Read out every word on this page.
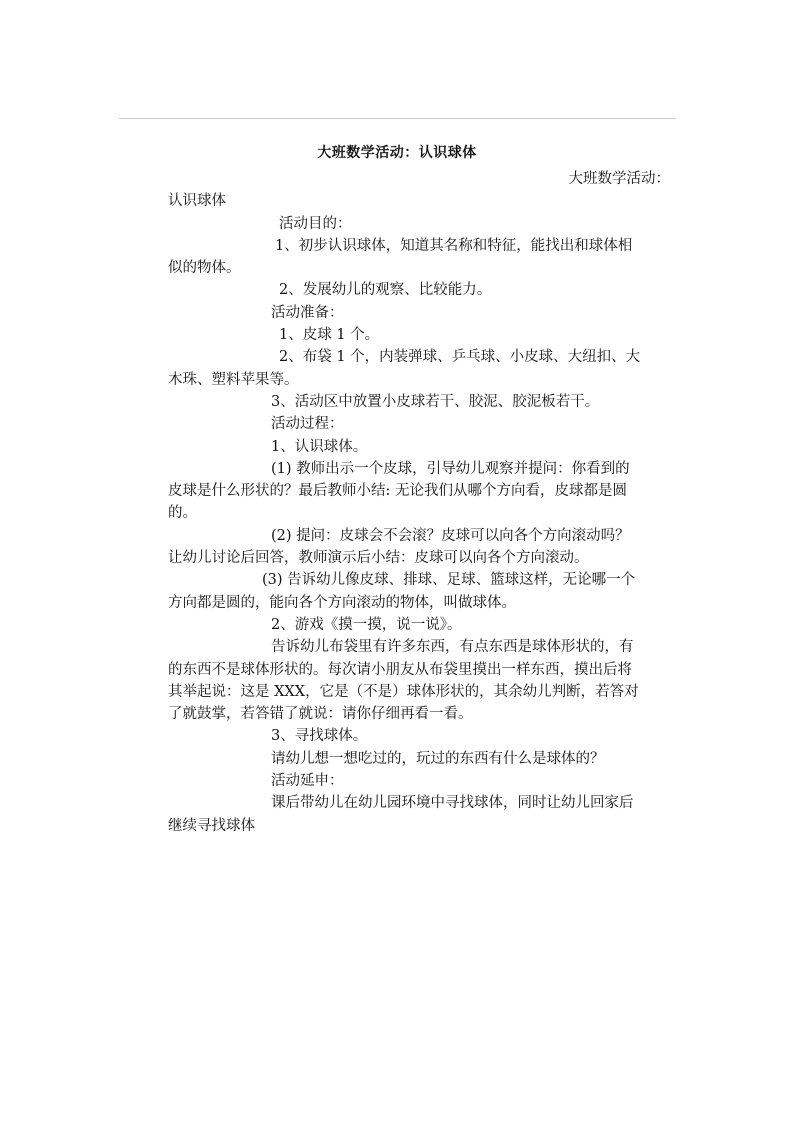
大班数学活动：认识球体

大班数学活动：

认识球体

活动目的：

1、初步认识球体，知道其名称和特征，能找出和球体相

似的物体。

2、发展幼儿的观察、比较能力。

活动准备：

1、皮球 1 个。

2、布袋 1 个，内装弹球、乒乓球、小皮球、大纽扣、大

木珠、塑料苹果等。

3、活动区中放置小皮球若干、胶泥、胶泥板若干。

活动过程：

1、认识球体。

(1) 教师出示一个皮球，引导幼儿观察并提问：你看到的

皮球是什么形状的？最后教师小结: 无论我们从哪个方向看，皮球都是圆

的。

(2) 提问：皮球会不会滚？皮球可以向各个方向滚动吗？

让幼儿讨论后回答，教师演示后小结：皮球可以向各个方向滚动。

(3) 告诉幼儿像皮球、排球、足球、篮球这样，无论哪一个

方向都是圆的，能向各个方向滚动的物体，叫做球体。

2、游戏《摸一摸，说一说》。

告诉幼儿布袋里有许多东西，有点东西是球体形状的，有

的东西不是球体形状的。每次请小朋友从布袋里摸出一样东西，摸出后将

其举起说：这是 XXX，它是（不是）球体形状的，其余幼儿判断，若答对

了就鼓掌，若答错了就说：请你仔细再看一看。

3、寻找球体。

请幼儿想一想吃过的，玩过的东西有什么是球体的？

活动延申：

课后带幼儿在幼儿园环境中寻找球体，同时让幼儿回家后

继续寻找球体
